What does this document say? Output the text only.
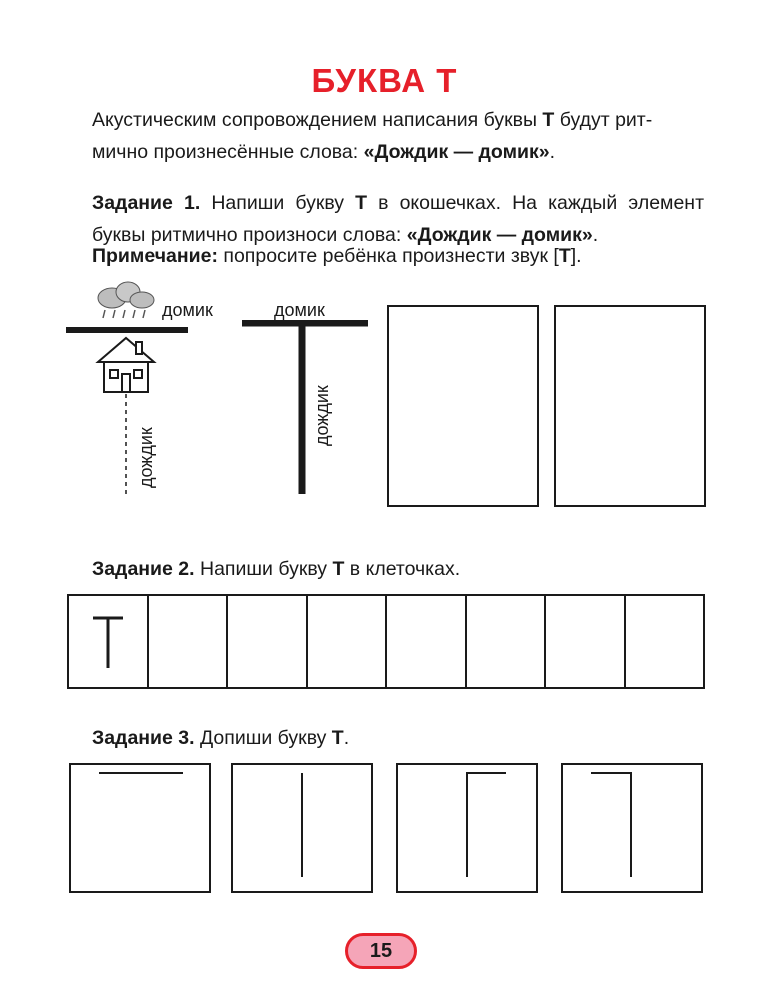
БУКВА Т
Акустическим сопровождением написания буквы Т будут рит-
мично произнесённые слова: «Дождик — домик».
Задание 1. Напиши букву Т в окошечках. На каждый элемент буквы ритмично произноси слова: «Дождик — домик».
Примечание: попросите ребёнка произнести звук [Т].
домик
дождик
домик
дождик
Задание 2. Напиши букву Т в клеточках.
Задание 3. Допиши букву Т.
15
